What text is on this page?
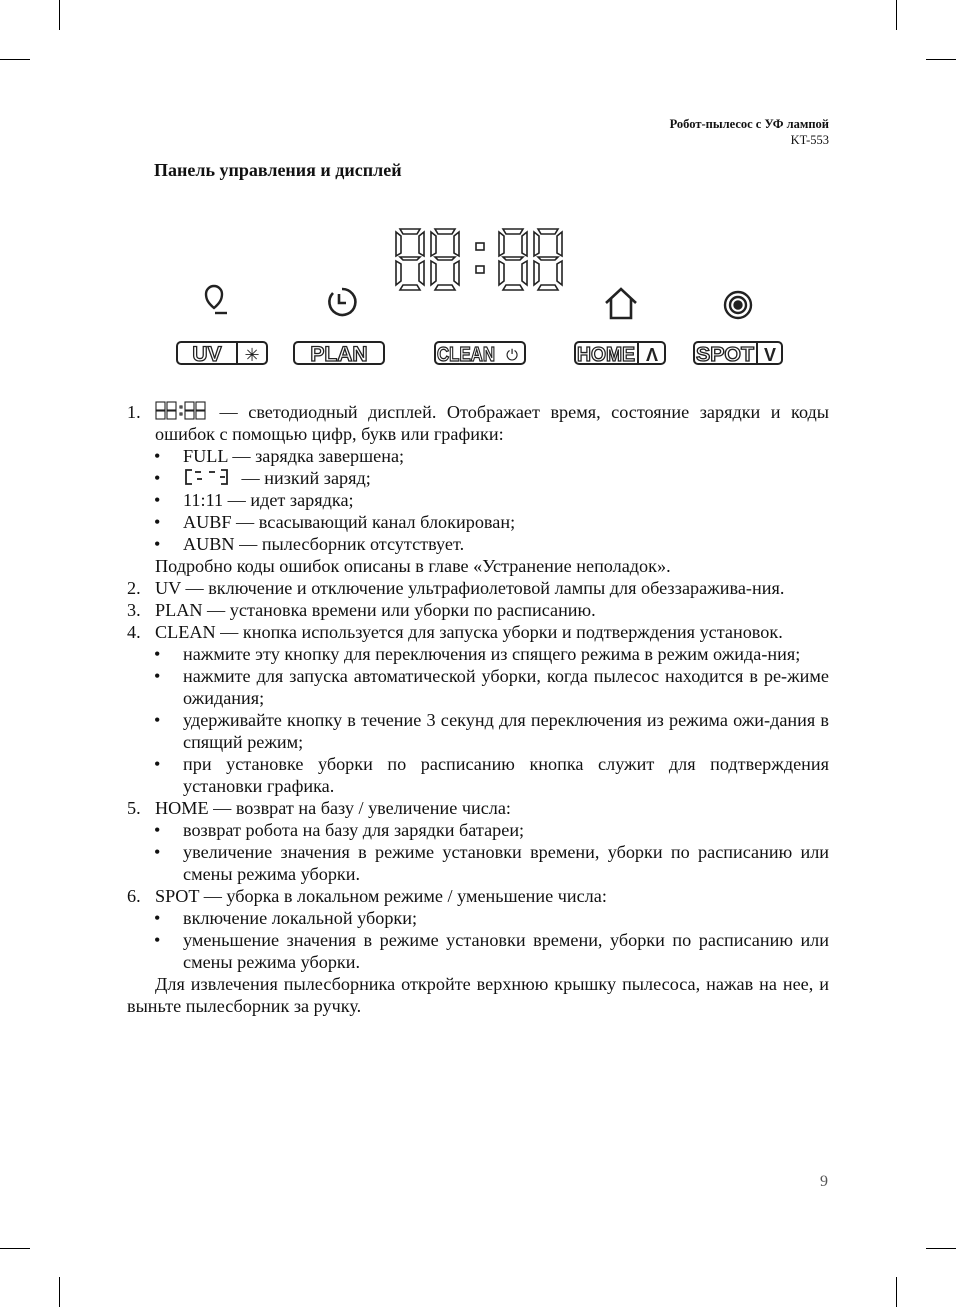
Робот-пылесос с УФ лампой
KT-553
Панель управления и дисплей
UV ✳ PLAN	CLEAN ⏻	HOME Λ SPOT V
1.	— светодиодный дисплей. Отображает время, состояние зарядки и коды ошибок с помощью цифр, букв или графики:
• FULL — зарядка завершена;
•	— низкий заряд;
• 11:11 — идет зарядка;
• AUBF — всасывающий канал блокирован;
• AUBN — пылесборник отсутствует.
Подробно коды ошибок описаны в главе «Устранение неполадок».
2. UV — включение и отключение ультрафиолетовой лампы для обеззаражива-ния.
3. PLAN — установка времени или уборки по расписанию.
4. CLEAN — кнопка используется для запуска уборки и подтверждения установок.
• нажмите эту кнопку для переключения из спящего режима в режим ожида-ния;
• нажмите для запуска автоматической уборки, когда пылесос находится в ре-жиме ожидания;
• удерживайте кнопку в течение 3 секунд для переключения из режима ожи-дания в спящий режим;
• при установке уборки по расписанию кнопка служит для подтверждения установки графика.
5. HOME — возврат на базу / увеличение числа:
• возврат робота на базу для зарядки батареи;
• увеличение значения в режиме установки времени, уборки по расписанию или смены режима уборки.
6. SPOT — уборка в локальном режиме / уменьшение числа:
• включение локальной уборки;
• уменьшение значения в режиме установки времени, уборки по расписанию или смены режима уборки.
Для извлечения пылесборника откройте верхнюю крышку пылесоса, нажав на нее, и выньте пылесборник за ручку.
9
